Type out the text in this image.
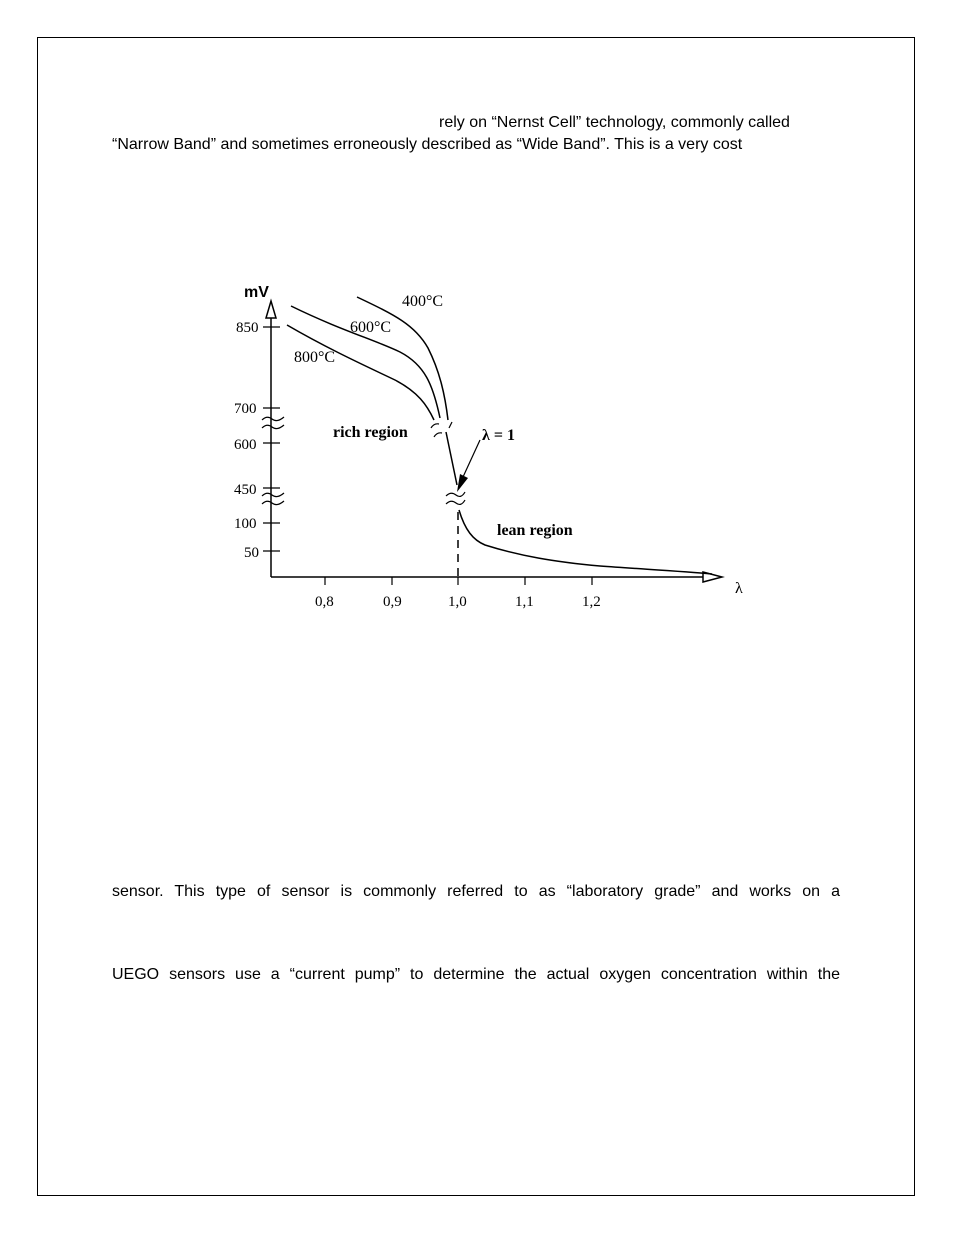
rely on “Nernst Cell” technology, commonly called
“Narrow Band” and sometimes erroneously described as “Wide Band”. This is a very cost
mV
850
700
600
450
100
50
0,8	0,9	1,0	1,1	1,2
λ
400°C
600°C
800°C
rich region
lean region
λ = 1
sensor. This type of sensor is commonly referred to as “laboratory grade” and works on a
UEGO sensors use a “current pump” to determine the actual oxygen concentration within the
